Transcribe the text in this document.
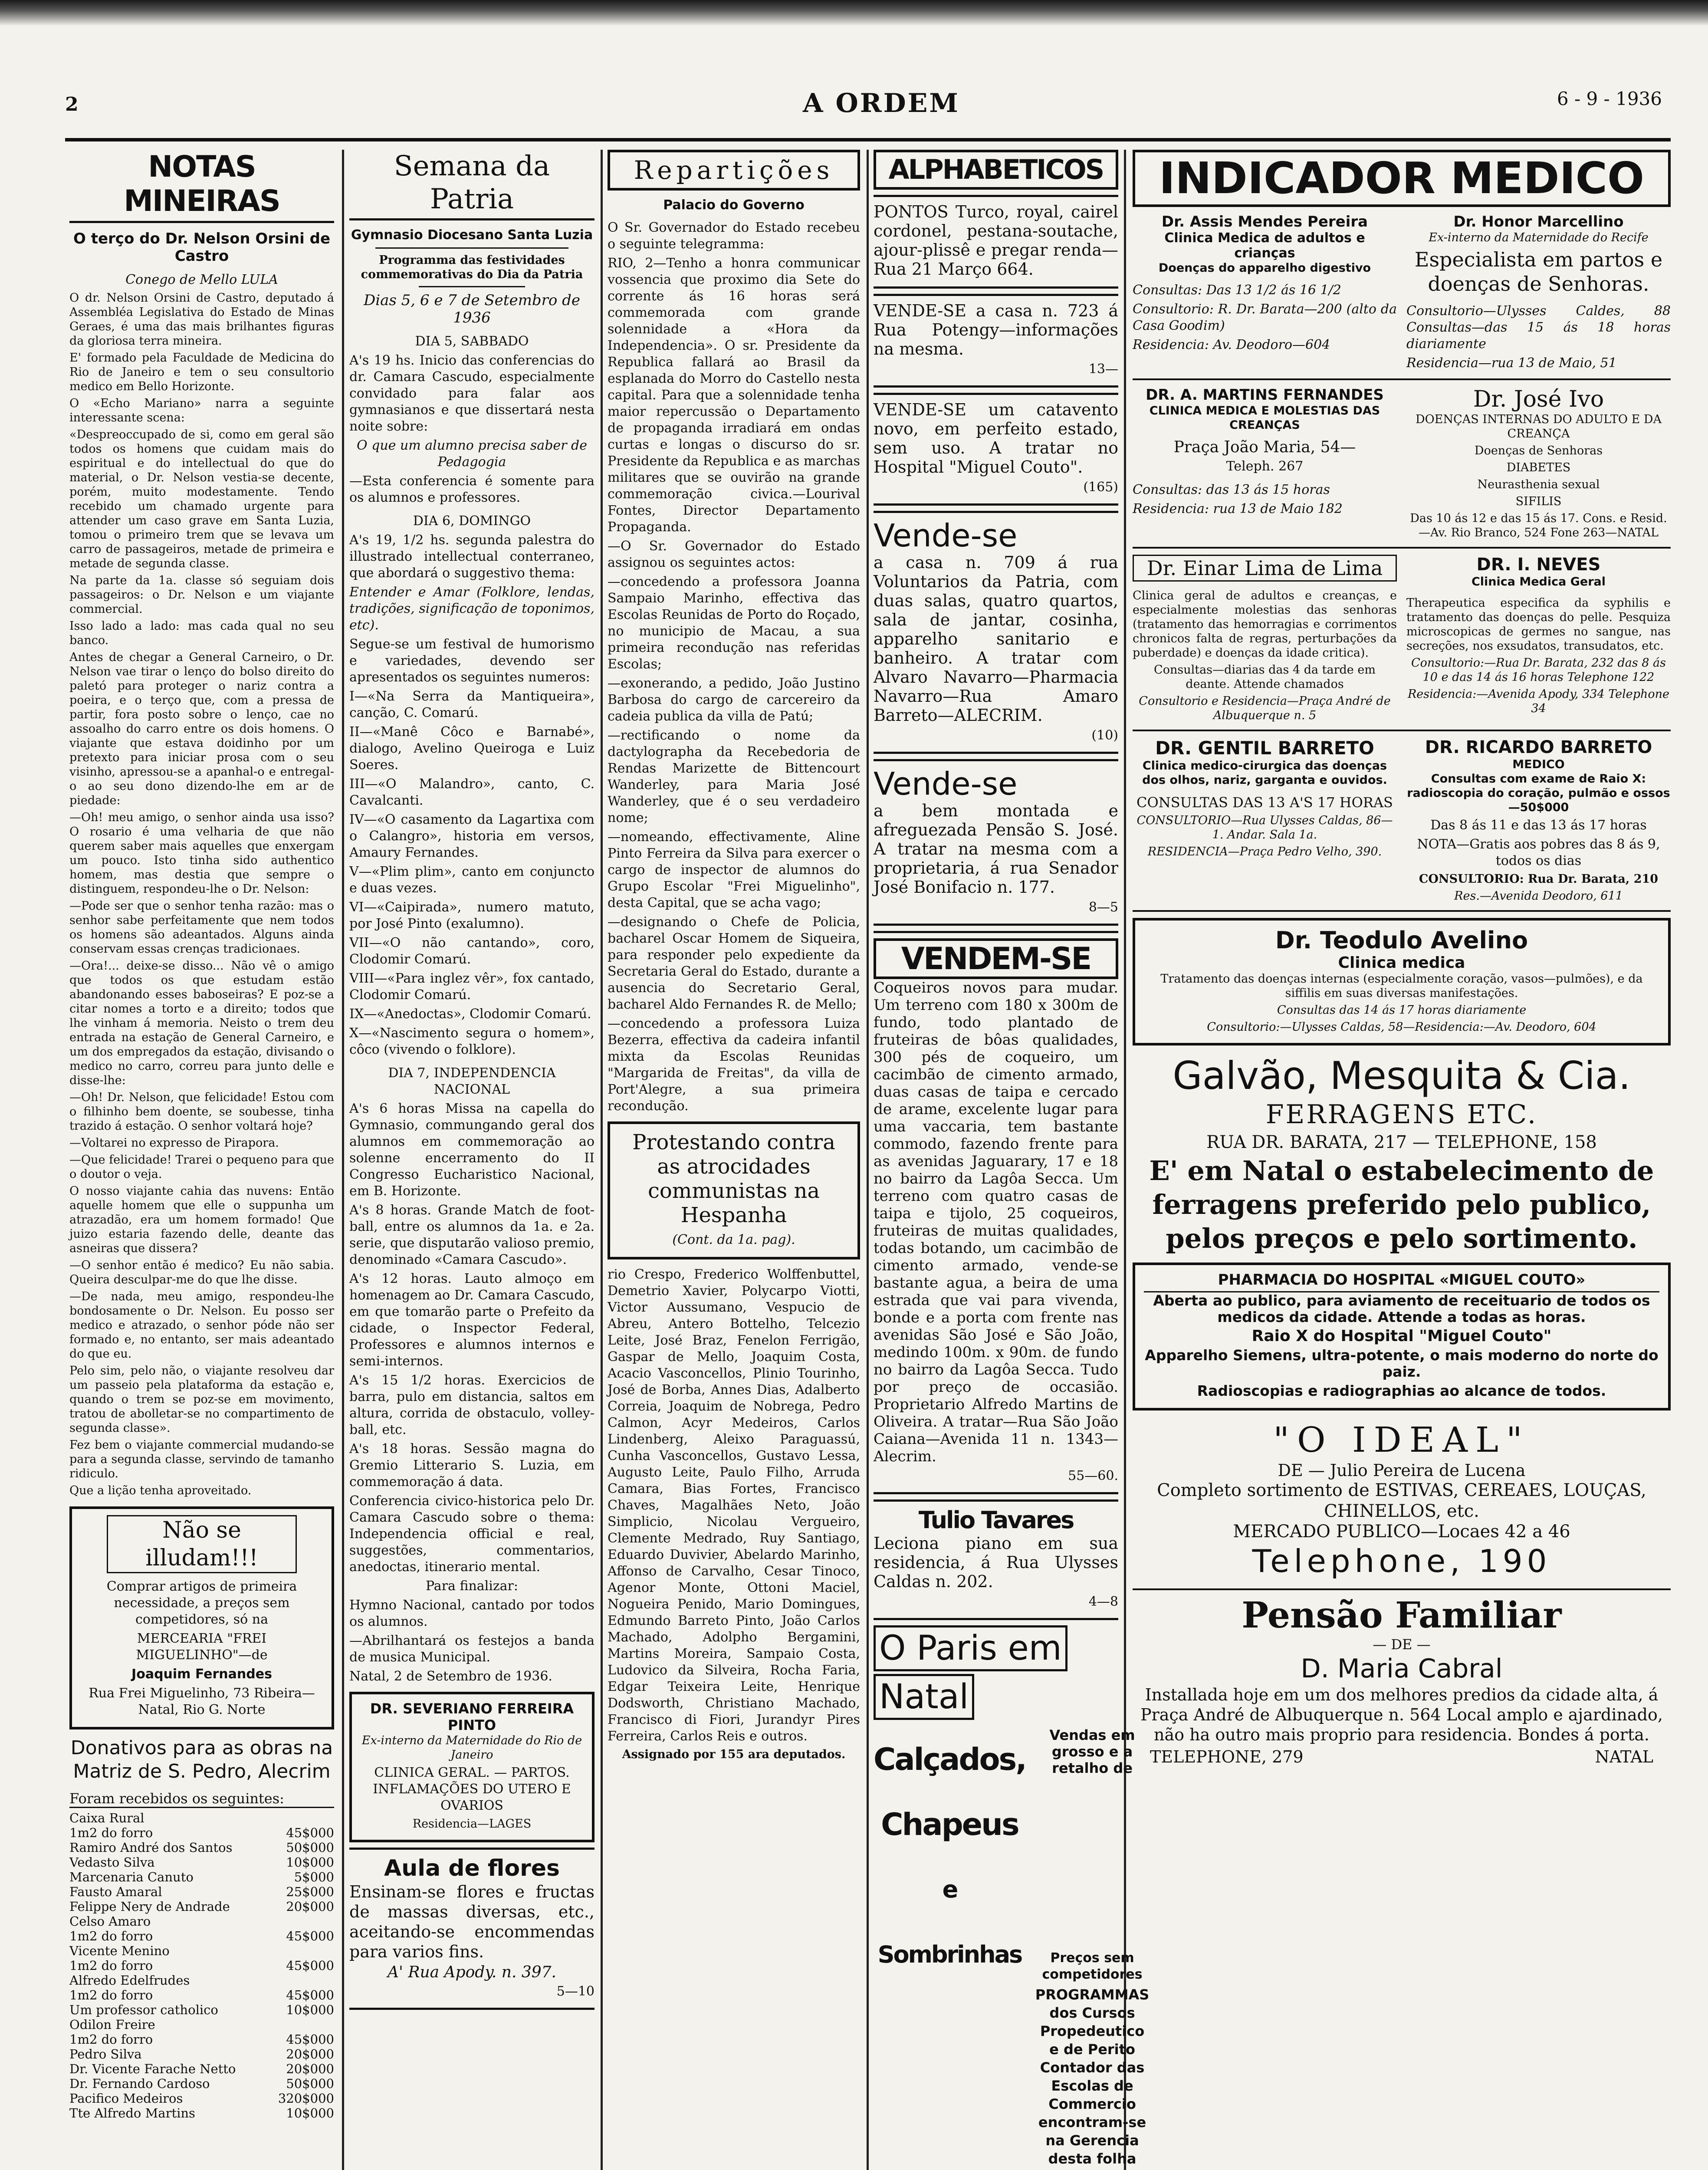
2	A ORDEM	6 - 9 - 1936
NOTAS MINEIRAS
O terço do Dr. Nelson Orsini de Castro
Conego de Mello LULA

O dr. Nelson Orsini de Castro, deputado á Assembléa Legislativa do Estado de Minas Geraes, é uma das mais brilhantes figuras da gloriosa terra mineira.

E' formado pela Faculdade de Medicina do Rio de Janeiro e tem o seu consultorio medico em Bello Horizonte.

O «Echo Mariano» narra a seguinte interessante scena:

«Despreoccupado de si, como em geral são todos os homens que cuidam mais do espiritual e do intellectual do que do material, o Dr. Nelson vestia-se decente, porém, muito modestamente. Tendo recebido um chamado urgente para attender um caso grave em Santa Luzia, tomou o primeiro trem que se levava um carro de passageiros, metade de primeira e metade de segunda classe.

Na parte da 1a. classe só seguiam dois passageiros: o Dr. Nelson e um viajante commercial.

Isso lado a lado: mas cada qual no seu banco.

Antes de chegar a General Carneiro, o Dr. Nelson vae tirar o lenço do bolso direito do paletó para proteger o nariz contra a poeira, e o terço que, com a pressa de partir, fora posto sobre o lenço, cae no assoalho do carro entre os dois homens. O viajante que estava doidinho por um pretexto para iniciar prosa com o seu visinho, apressou-se a apanhal-o e entregal-o ao seu dono dizendo-lhe em ar de piedade:

—Oh! meu amigo, o senhor ainda usa isso? O rosario é uma velharia de que não querem saber mais aquelles que enxergam um pouco. Isto tinha sido authentico homem, mas destia que sempre o distinguem, respondeu-lhe o Dr. Nelson:

—Pode ser que o senhor tenha razão: mas o senhor sabe perfeitamente que nem todos os homens são adeantados. Alguns ainda conservam essas crenças tradicionaes.

—Ora!... deixe-se disso... Não vê o amigo que todos os que estudam estão abandonando esses baboseiras? E poz-se a citar nomes a torto e a direito; todos que lhe vinham á memoria. Neisto o trem deu entrada na estação de General Carneiro, e um dos empregados da estação, divisando o medico no carro, correu para junto delle e disse-lhe:

—Oh! Dr. Nelson, que felicidade! Estou com o filhinho bem doente, se soubesse, tinha trazido á estação. O senhor voltará hoje?

—Voltarei no expresso de Pirapora.

—Que felicidade! Trarei o pequeno para que o doutor o veja.

O nosso viajante cahia das nuvens: Então aquelle homem que elle o suppunha um atrazadão, era um homem formado! Que juizo estaria fazendo delle, deante das asneiras que dissera?

—O senhor então é medico? Eu não sabia. Queira desculpar-me do que lhe disse.

—De nada, meu amigo, respondeu-lhe bondosamente o Dr. Nelson. Eu posso ser medico e atrazado, o senhor póde não ser formado e, no entanto, ser mais adeantado do que eu.

Pelo sim, pelo não, o viajante resolveu dar um passeio pela plataforma da estação e, quando o trem se poz-se em movimento, tratou de abolletar-se no compartimento de segunda classe».

Fez bem o viajante commercial mudando-se para a segunda classe, servindo de tamanho ridiculo.

Que a lição tenha aproveitado.

Não se illudam!!!

Comprar artigos de primeira necessidade, a preços sem competidores, só na

MERCEARIA "FREI MIGUELINHO"—de

Joaquim Fernandes

Rua Frei Miguelinho, 73 Ribeira—Natal, Rio G. Norte

Donativos para as obras na Matriz de S. Pedro, Alecrim
Foram recebidos os seguintes:
Caixa Rural	
1m2 do forro	45$000
Ramiro André dos Santos	50$000
Vedasto Silva	10$000
Marcenaria Canuto	5$000
Fausto Amaral	25$000
Felippe Nery de Andrade	20$000
Celso Amaro	
1m2 do forro	45$000
Vicente Menino	
1m2 do forro	45$000
Alfredo Edelfrudes	
1m2 do forro	45$000
Um professor catholico	10$000
Odilon Freire	
1m2 do forro	45$000
Pedro Silva	20$000
Dr. Vicente Farache Netto	20$000
Dr. Fernando Cardoso	50$000
Pacifico Medeiros	320$000
Tte Alfredo Martins	10$000
Semana da Patria
Gymnasio Diocesano Santa Luzia
Programma das festividades commemorativas do Dia da Patria
Dias 5, 6 e 7 de Setembro de 1936
DIA 5, SABBADO

A's 19 hs. Inicio das conferencias do dr. Camara Cascudo, especialmente convidado para falar aos gymnasianos e que dissertará nesta noite sobre:

O que um alumno precisa saber de Pedagogia

—Esta conferencia é somente para os alumnos e professores.

DIA 6, DOMINGO

A's 19, 1/2 hs. segunda palestra do illustrado intellectual conterraneo, que abordará o suggestivo thema:

Entender e Amar (Folklore, lendas, tradições, significação de toponimos, etc).

Segue-se um festival de humorismo e variedades, devendo ser apresentados os seguintes numeros:

I—«Na Serra da Mantiqueira», canção, C. Comarú.

II—«Manê Côco e Barnabé», dialogo, Avelino Queiroga e Luiz Soeres.

III—«O Malandro», canto, C. Cavalcanti.

IV—«O casamento da Lagartixa com o Calangro», historia em versos, Amaury Fernandes.

V—«Plim plim», canto em conjuncto e duas vezes.

VI—«Caipirada», numero matuto, por José Pinto (exalumno).

VII—«O não cantando», coro, Clodomir Comarú.

VIII—«Para inglez vêr», fox cantado, Clodomir Comarú.

IX—«Anedoctas», Clodomir Comarú.

X—«Nascimento segura o homem», côco (vivendo o folklore).

DIA 7, INDEPENDENCIA NACIONAL

A's 6 horas Missa na capella do Gymnasio, commungando geral dos alumnos em commemoração ao solenne encerramento do II Congresso Eucharistico Nacional, em B. Horizonte.

A's 8 horas. Grande Match de foot-ball, entre os alumnos da 1a. e 2a. serie, que disputarão valioso premio, denominado «Camara Cascudo».

A's 12 horas. Lauto almoço em homenagem ao Dr. Camara Cascudo, em que tomarão parte o Prefeito da cidade, o Inspector Federal, Professores e alumnos internos e semi-internos.

A's 15 1/2 horas. Exercicios de barra, pulo em distancia, saltos em altura, corrida de obstaculo, volley-ball, etc.

A's 18 horas. Sessão magna do Gremio Litterario S. Luzia, em commemoração á data.

Conferencia civico-historica pelo Dr. Camara Cascudo sobre o thema: Independencia official e real, suggestões, commentarios, anedoctas, itinerario mental.

Para finalizar:

Hymno Nacional, cantado por todos os alumnos.

—Abrilhantará os festejos a banda de musica Municipal.

Natal, 2 de Setembro de 1936.

DR. SEVERIANO FERREIRA PINTO

Ex-interno da Maternidade do Rio de Janeiro

CLINICA GERAL. — PARTOS. INFLAMAÇÕES DO UTERO E OVARIOS

Residencia—LAGES

Aula de flores

Ensinam-se flores e fructas de massas diversas, etc., aceitando-se encommendas para varios fins.

A' Rua Apody. n. 397.

5—10

Repartições
Palacio do Governo

O Sr. Governador do Estado recebeu o seguinte telegramma:

RIO, 2—Tenho a honra communicar vossencia que proximo dia Sete do corrente ás 16 horas será commemorada com grande solennidade a «Hora da Independencia». O sr. Presidente da Republica fallará ao Brasil da esplanada do Morro do Castello nesta capital. Para que a solennidade tenha maior repercussão o Departamento de propaganda irradiará em ondas curtas e longas o discurso do sr. Presidente da Republica e as marchas militares que se ouvirão na grande commemoração civica.—Lourival Fontes, Director Departamento Propaganda.

—O Sr. Governador do Estado assignou os seguintes actos:

—concedendo a professora Joanna Sampaio Marinho, effectiva das Escolas Reunidas de Porto do Roçado, no municipio de Macau, a sua primeira recondução nas referidas Escolas;

—exonerando, a pedido, João Justino Barbosa do cargo de carcereiro da cadeia publica da villa de Patú;

—rectificando o nome da dactylographa da Recebedoria de Rendas Marizette de Bittencourt Wanderley, para Maria José Wanderley, que é o seu verdadeiro nome;

—nomeando, effectivamente, Aline Pinto Ferreira da Silva para exercer o cargo de inspector de alumnos do Grupo Escolar "Frei Miguelinho", desta Capital, que se acha vago;

—designando o Chefe de Policia, bacharel Oscar Homem de Siqueira, para responder pelo expediente da Secretaria Geral do Estado, durante a ausencia do Secretario Geral, bacharel Aldo Fernandes R. de Mello;

—concedendo a professora Luiza Bezerra, effectiva da cadeira infantil mixta da Escolas Reunidas "Margarida de Freitas", da villa de Port'Alegre, a sua primeira recondução.

Protestando contra as atrocidades communistas na Hespanha
(Cont. da 1a. pag).

rio Crespo, Frederico Wolffenbuttel, Demetrio Xavier, Polycarpo Viotti, Victor Aussumano, Vespucio de Abreu, Antero Bottelho, Telcezio Leite, José Braz, Fenelon Ferrigão, Gaspar de Mello, Joaquim Costa, Acacio Vasconcellos, Plinio Tourinho, José de Borba, Annes Dias, Adalberto Correia, Joaquim de Nobrega, Pedro Calmon, Acyr Medeiros, Carlos Lindenberg, Aleixo Paraguassú, Cunha Vasconcellos, Gustavo Lessa, Augusto Leite, Paulo Filho, Arruda Camara, Bias Fortes, Francisco Chaves, Magalhães Neto, João Simplicio, Nicolau Vergueiro, Clemente Medrado, Ruy Santiago, Eduardo Duvivier, Abelardo Marinho, Affonso de Carvalho, Cesar Tinoco, Agenor Monte, Ottoni Maciel, Nogueira Penido, Mario Domingues, Edmundo Barreto Pinto, João Carlos Machado, Adolpho Bergamini, Martins Moreira, Sampaio Costa, Ludovico da Silveira, Rocha Faria, Edgar Teixeira Leite, Henrique Dodsworth, Christiano Machado, Francisco di Fiori, Jurandyr Pires Ferreira, Carlos Reis e outros.

Assignado por 155 ara deputados.

ALPHABETICOS

PONTOS Turco, royal, cairel cordonel, pestana-soutache, ajour-plissê e pregar renda—Rua 21 Março 664.

VENDE-SE a casa n. 723 á Rua Potengy—informações na mesma.

13—

VENDE-SE um catavento novo, em perfeito estado, sem uso. A tratar no Hospital "Miguel Couto".

(165)

Vende-se

a casa n. 709 á rua Voluntarios da Patria, com duas salas, quatro quartos, sala de jantar, cosinha, apparelho sanitario e banheiro. A tratar com Alvaro Navarro—Pharmacia Navarro—Rua Amaro Barreto—ALECRIM.

(10)

Vende-se

a bem montada e afreguezada Pensão S. José. A tratar na mesma com a proprietaria, á rua Senador José Bonifacio n. 177.

8—5

VENDEM-SE

Coqueiros novos para mudar. Um terreno com 180 x 300m de fundo, todo plantado de fruteiras de bôas qualidades, 300 pés de coqueiro, um cacimbão de cimento armado, duas casas de taipa e cercado de arame, excelente lugar para uma vaccaria, tem bastante commodo, fazendo frente para as avenidas Jaguarary, 17 e 18 no bairro da Lagôa Secca. Um terreno com quatro casas de taipa e tijolo, 25 coqueiros, fruteiras de muitas qualidades, todas botando, um cacimbão de cimento armado, vende-se bastante agua, a beira de uma estrada que vai para vivenda, bonde e a porta com frente nas avenidas São José e São João, medindo 100m. x 90m. de fundo no bairro da Lagôa Secca. Tudo por preço de occasião. Proprietario Alfredo Martins de Oliveira. A tratar—Rua São João Caiana—Avenida 11 n. 1343—Alecrim.

55—60.

Tulio Tavares

Leciona piano em sua residencia, á Rua Ulysses Caldas n. 202.

4—8

O Paris em Natal
Calçados,
Chapeus
e Sombrinhas

Vendas em grosso e a retalho de

Preços sem competidores

PROGRAMMAS dos Cursos Propedeutico e de Perito Contador das Escolas de Commercio encontram-se na Gerencia desta folha

INDICADOR MEDICO
Dr. Assis Mendes Pereira
Clinica Medica de adultos e crianças
Doenças do apparelho digestivo

Consultas: Das 13 1/2 ás 16 1/2

Consultorio: R. Dr. Barata—200 (alto da Casa Goodim)

Residencia: Av. Deodoro—604

Dr. Honor Marcellino
Ex-interno da Maternidade do Recife
Especialista em partos e doenças de Senhoras.

Consultorio—Ulysses Caldes, 88 Consultas—das 15 ás 18 horas diariamente

Residencia—rua 13 de Maio, 51

DR. A. MARTINS FERNANDES
CLINICA MEDICA E MOLESTIAS DAS CREANÇAS

Praça João Maria, 54—

Teleph. 267

Consultas: das 13 ás 15 horas

Residencia: rua 13 de Maio 182

Dr. José Ivo

DOENÇAS INTERNAS DO ADULTO E DA CREANÇA

Doenças de Senhoras

DIABETES

Neurasthenia sexual

SIFILIS

Das 10 ás 12 e das 15 ás 17. Cons. e Resid.—Av. Rio Branco, 524 Fone 263—NATAL

Dr. Einar Lima de Lima

Clinica geral de adultos e creanças, e especialmente molestias das senhoras (tratamento das hemorragias e corrimentos chronicos falta de regras, perturbações da puberdade) e doenças da idade critica).

Consultas—diarias das 4 da tarde em deante. Attende chamados

Consultorio e Residencia—Praça André de Albuquerque n. 5

DR. I. NEVES
Clinica Medica Geral

Therapeutica especifica da syphilis e tratamento das doenças do pelle. Pesquiza microscopicas de germes no sangue, nas secreções, nos exsudatos, transudatos, etc.

Consultorio:—Rua Dr. Barata, 232 das 8 ás 10 e das 14 ás 16 horas Telephone 122

Residencia:—Avenida Apody, 334 Telephone 34

DR. GENTIL BARRETO

Clinica medico-cirurgica das doenças dos olhos, nariz, garganta e ouvidos.

CONSULTAS DAS 13 A'S 17 HORAS

CONSULTORIO—Rua Ulysses Caldas, 86—1. Andar. Sala 1a.

RESIDENCIA—Praça Pedro Velho, 390.

DR. RICARDO BARRETO
MEDICO

Consultas com exame de Raio X: radioscopia do coração, pulmão e ossos—50$000

Das 8 ás 11 e das 13 ás 17 horas

NOTA—Gratis aos pobres das 8 ás 9, todos os dias

CONSULTORIO: Rua Dr. Barata, 210

Res.—Avenida Deodoro, 611

Dr. Teodulo Avelino
Clinica medica

Tratamento das doenças internas (especialmente coração, vasos—pulmões), e da siffilis em suas diversas manifestações.

Consultas das 14 ás 17 horas diariamente

Consultorio:—Ulysses Caldas, 58—Residencia:—Av. Deodoro, 604

Galvão, Mesquita & Cia.
FERRAGENS ETC.
RUA DR. BARATA, 217 — TELEPHONE, 158
E' em Natal o estabelecimento de ferragens preferido pelo publico, pelos preços e pelo sortimento.
PHARMACIA DO HOSPITAL «MIGUEL COUTO»

Aberta ao publico, para aviamento de receituario de todos os medicos da cidade. Attende a todas as horas.

Raio X do Hospital "Miguel Couto"

Apparelho Siemens, ultra-potente, o mais moderno do norte do paiz.

Radioscopias e radiographias ao alcance de todos.

"O IDEAL"
DE — Julio Pereira de Lucena
Completo sortimento de ESTIVAS, CEREAES, LOUÇAS, CHINELLOS, etc.
MERCADO PUBLICO—Locaes 42 a 46
Telephone, 190
Pensão Familiar
— DE —
D. Maria Cabral

Installada hoje em um dos melhores predios da cidade alta, á Praça André de Albuquerque n. 564 Local amplo e ajardinado, não ha outro mais proprio para residencia. Bondes á porta.

TELEPHONE, 279	NATAL
